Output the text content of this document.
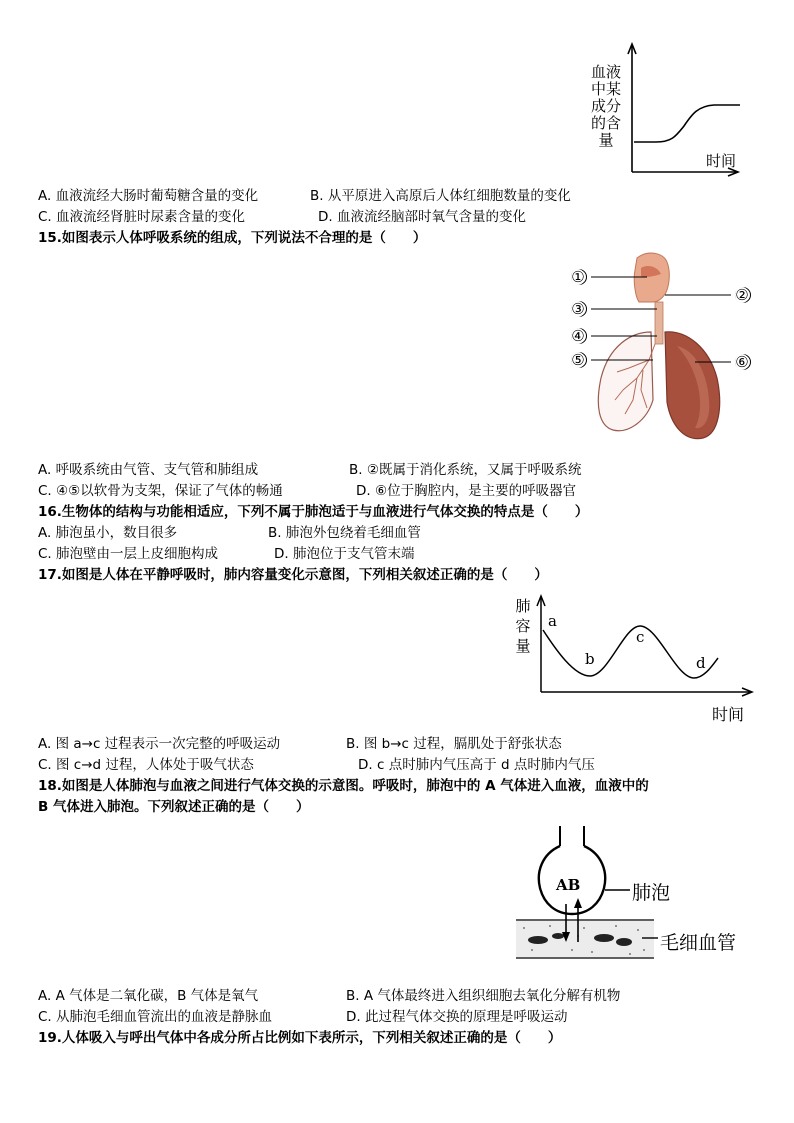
血液
中某
成分
的含
量
时间
A. 血液流经大肠时葡萄糖含量的变化	B. 从平原进入高原后人体红细胞数量的变化
C. 血液流经肾脏时尿素含量的变化	D. 血液流经脑部时氧气含量的变化
15.如图表示人体呼吸系统的组成，下列说法不合理的是（　　）
①
②
③
④
⑤	⑥
A. 呼吸系统由气管、支气管和肺组成	B. ②既属于消化系统，又属于呼吸系统
C. ④⑤以软骨为支架，保证了气体的畅通	D. ⑥位于胸腔内，是主要的呼吸器官
16.生物体的结构与功能相适应，下列不属于肺泡适于与血液进行气体交换的特点是（　　）
A. 肺泡虽小，数目很多	B. 肺泡外包绕着毛细血管
C. 肺泡壁由一层上皮细胞构成	D. 肺泡位于支气管末端
17.如图是人体在平静呼吸时，肺内容量变化示意图，下列相关叙述正确的是（　　）
肺
容
量
a
b
c
d
时间
A. 图 a→c 过程表示一次完整的呼吸运动	B. 图 b→c 过程，膈肌处于舒张状态
C. 图 c→d 过程，人体处于吸气状态	D. c 点时肺内气压高于 d 点时肺内气压
18.如图是人体肺泡与血液之间进行气体交换的示意图。呼吸时，肺泡中的 A 气体进入血液，血液中的
B 气体进入肺泡。下列叙述正确的是（　　）
AB	肺泡
毛细血管
A. A 气体是二氧化碳，B 气体是氧气	B. A 气体最终进入组织细胞去氧化分解有机物
C. 从肺泡毛细血管流出的血液是静脉血	D. 此过程气体交换的原理是呼吸运动
19.人体吸入与呼出气体中各成分所占比例如下表所示，下列相关叙述正确的是（　　）
